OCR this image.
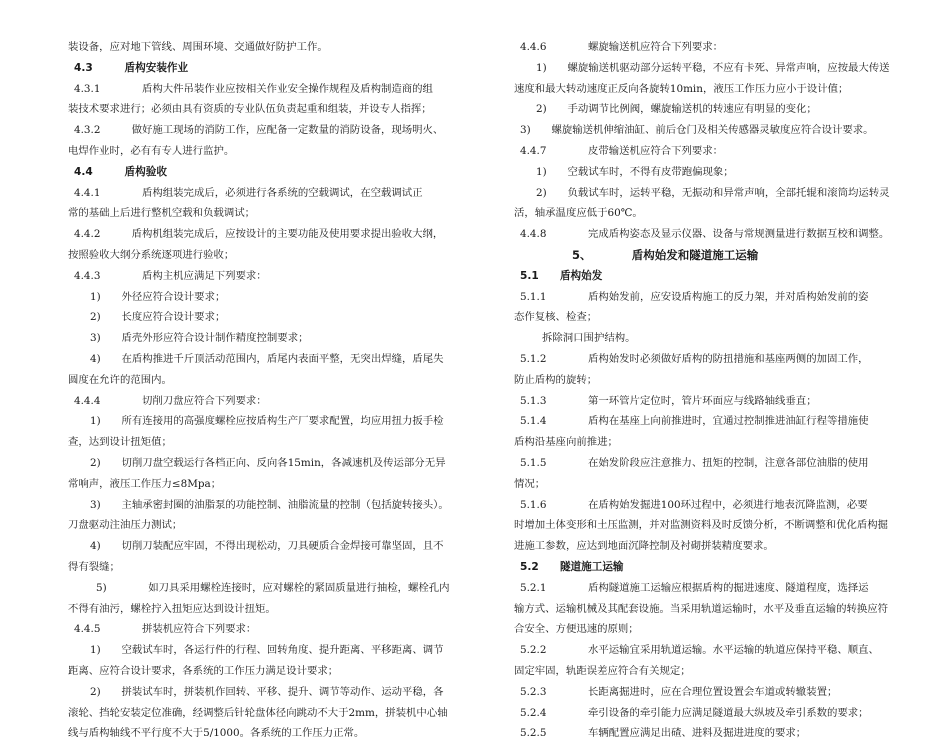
装设备，应对地下管线、周围环境、交通做好防护工作。
4.3　　　盾构安装作业
4.3.1　　　　盾构大件吊装作业应按相关作业安全操作规程及盾构制造商的组
装技术要求进行；必须由具有资质的专业队伍负责起重和组装，并设专人指挥；
4.3.2　　　做好施工现场的消防工作，应配备一定数量的消防设备，现场明火、
电焊作业时，必有有专人进行监护。
4.4　　　盾构验收
4.4.1　　　　盾构组装完成后，必须进行各系统的空载调试，在空载调试正
常的基础上后进行整机空载和负载调试；
4.4.2　　　盾构机组装完成后，应按设计的主要功能及使用要求提出验收大纲，
按照验收大纲分系统逐项进行验收；
4.4.3　　　　盾构主机应满足下列要求：
1)　　外径应符合设计要求；
2)　　长度应符合设计要求；
3)　　盾壳外形应符合设计制作精度控制要求；
4)　　在盾构推进千斤顶活动范围内，盾尾内表面平整，无突出焊缝，盾尾失
圆度在允许的范围内。
4.4.4　　　　切削刀盘应符合下列要求：
1)　　所有连接用的高强度螺栓应按盾构生产厂要求配置，均应用扭力扳手检
查，达到设计扭矩值；
2)　　切削刀盘空载运行各档正向、反向各15min，各减速机及传运部分无异
常响声，液压工作压力≤8Mpa；
3)　　主轴承密封圈的油脂泵的功能控制、油脂流量的控制（包括旋转接头）。
刀盘驱动注油压力测试；
4)　　切削刀装配应牢固，不得出现松动，刀具硬质合金焊接可靠坚固，且不
得有裂缝；
5)　　　　如刀具采用螺栓连接时，应对螺栓的紧固质量进行抽检，螺栓孔内
不得有油污，螺栓拧入扭矩应达到设计扭矩。
4.4.5　　　　拼装机应符合下列要求：
1)　　空载试车时，各运行件的行程、回转角度、提升距离、平移距离、调节
距离、应符合设计要求，各系统的工作压力满足设计要求；
2)　　拼装试车时，拼装机作回转、平移、提升、调节等动作、运动平稳，各
滚轮、挡轮安装定位准确，经调整后针轮盘体径向跳动不大于2mm，拼装机中心轴
线与盾构轴线不平行度不大于5/1000。各系统的工作压力正常。
4.4.6　　　　螺旋输送机应符合下列要求：
1)　　螺旋输送机驱动部分运转平稳，不应有卡死、异常声响，应按最大传送
速度和最大转动速度正反向各旋转10min，液压工作压力应小于设计值；
2)　　手动调节比例阀，螺旋输送机的转速应有明显的变化；
3)　　螺旋输送机伸缩油缸、前后仓门及相关传感器灵敏度应符合设计要求。
4.4.7　　　　皮带输送机应符合下列要求：
1)　　空载试车时，不得有皮带跑偏现象；
2)　　负载试车时，运转平稳，无振动和异常声响，全部托辊和滚筒均运转灵
活，轴承温度应低于60℃。
4.4.8　　　　完成盾构姿态及显示仪器、设备与常规测量进行数据互校和调整。
5、　　　　盾构始发和隧道施工运输
5.1　　盾构始发
5.1.1　　　　盾构始发前，应安设盾构施工的反力架，并对盾构始发前的姿
态作复核、检查；
拆除洞口围护结构。
5.1.2　　　　盾构始发时必须做好盾构的防扭措施和基座两侧的加固工作，
防止盾构的旋转；
5.1.3　　　　第一环管片定位时，管片环面应与线路轴线垂直；
5.1.4　　　　盾构在基座上向前推进时，宜通过控制推进油缸行程等措施使
盾构沿基座向前推进；
5.1.5　　　　在始发阶段应注意推力、扭矩的控制，注意各部位油脂的使用
情况；
5.1.6　　　　在盾构始发掘进100环过程中，必须进行地表沉降监测，必要
时增加土体变形和土压监测，并对监测资料及时反馈分析，不断调整和优化盾构掘
进施工参数，应达到地面沉降控制及衬砌拼装精度要求。
5.2　　隧道施工运输
5.2.1　　　　盾构隧道施工运输应根据盾构的掘进速度、隧道程度，选择运
输方式、运输机械及其配套设施。当采用轨道运输时，水平及垂直运输的转换应符
合安全、方便迅速的原则；
5.2.2　　　　水平运输宜采用轨道运输。水平运输的轨道应保持平稳、顺直、
固定牢固，轨距误差应符合有关规定；
5.2.3　　　　长距离掘进时，应在合理位置设置会车道或转辙装置；
5.2.4　　　　牵引设备的牵引能力应满足隧道最大纵坡及牵引系数的要求；
5.2.5　　　　车辆配置应满足出碴、进料及掘进进度的要求；
